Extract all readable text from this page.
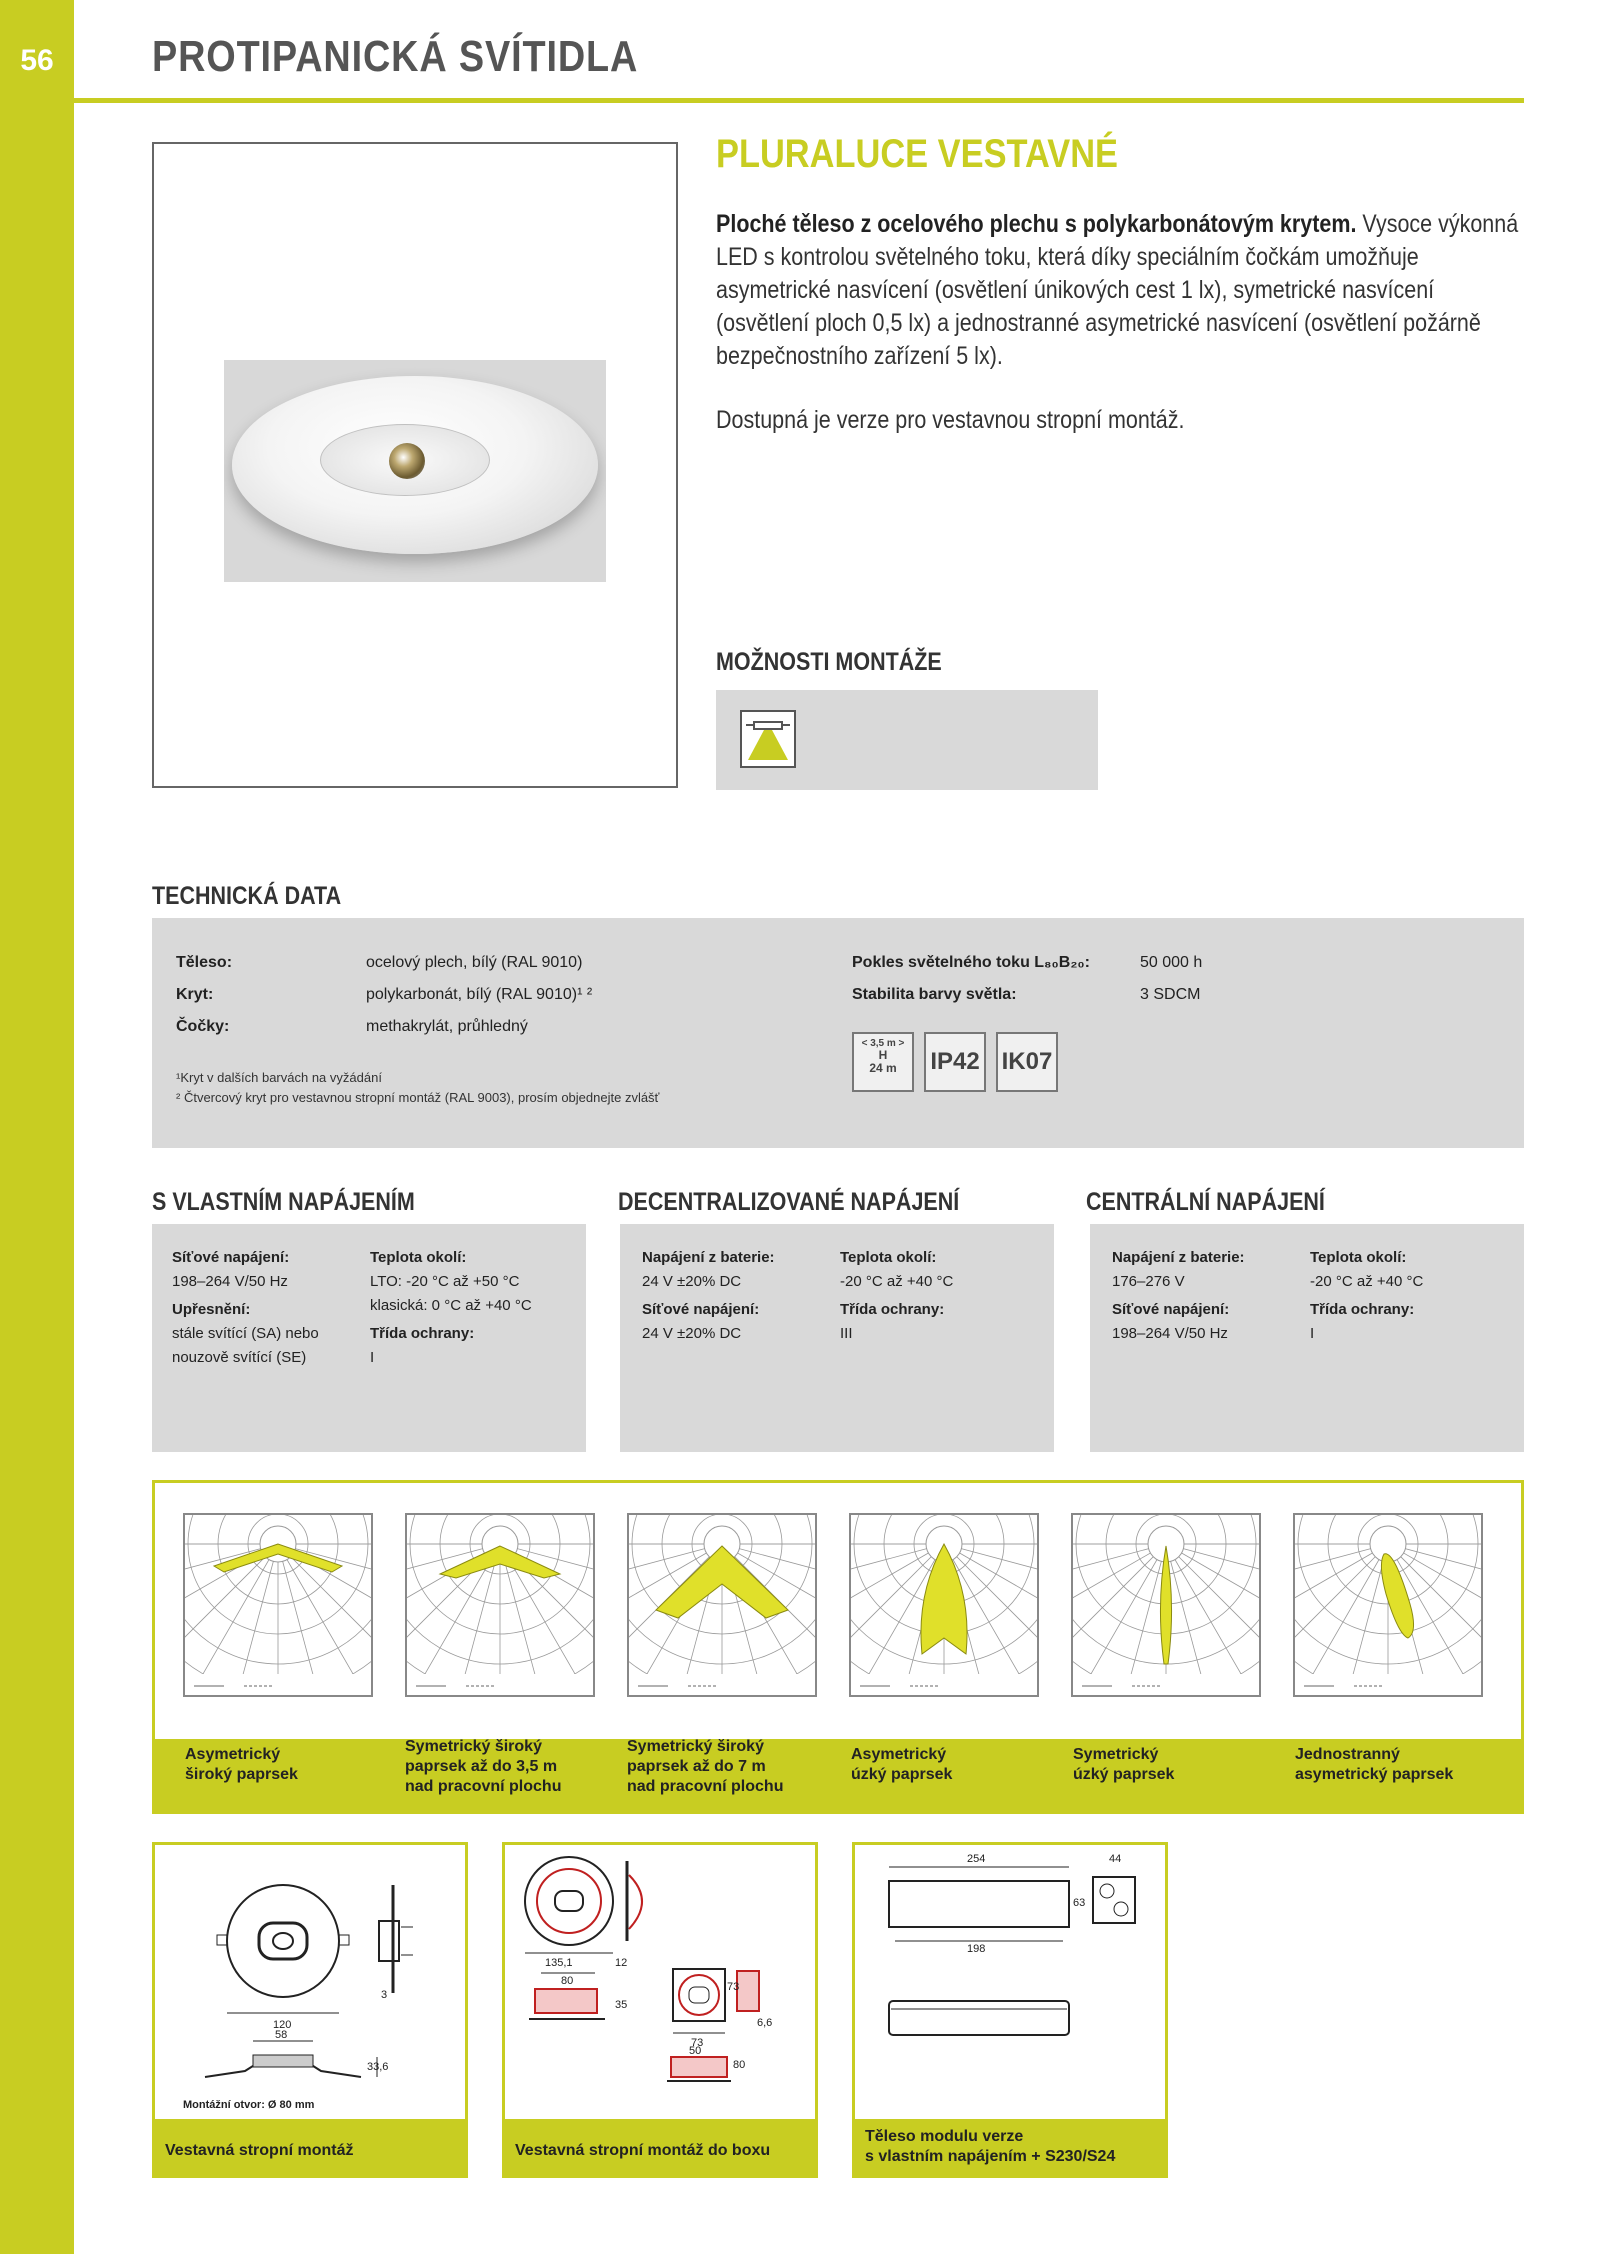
56	PROTIPANICKÁ SVÍTIDLA
PLURALUCE VESTAVNÉ
Ploché těleso z ocelového plechu s polykarbonátovým krytem. Vysoce výkonná LED s kontrolou světelného toku, která díky speciálním čočkám umožňuje asymetrické nasvícení (osvětlení únikových cest 1 lx), symetrické nasvícení (osvětlení ploch 0,5 lx) a jednostranné asymetrické nasvícení (osvětlení požárně bezpečnostního zařízení 5 lx).
Dostupná je verze pro vestavnou stropní montáž.
MOŽNOSTI MONTÁŽE
TECHNICKÁ DATA
Těleso:	ocelový plech, bílý (RAL 9010)
Kryt:	polykarbonát, bílý (RAL 9010)¹ ²
Čočky:	methakrylát, průhledný
Pokles světelného toku L₈₀B₂₀:	50 000 h
Stabilita barvy světla:	3 SDCM
¹Kryt v dalších barvách na vyžádání
² Čtvercový kryt pro vestavnou stropní montáž (RAL 9003), prosím objednejte zvlášť
< 3,5 m >
H
24 m	IP42 IK07
S VLASTNÍM NAPÁJENÍM	DECENTRALIZOVANÉ NAPÁJENÍ	CENTRÁLNÍ NAPÁJENÍ
Síťové napájení:
198–264 V/50 Hz
Upřesnění:
stále svítící (SA) nebo
nouzově svítící (SE)
Teplota okolí:
LTO: -20 °C až +50 °C
klasická: 0 °C až +40 °C
Třída ochrany:
I
Napájení z baterie:
24 V ±20% DC
Síťové napájení:
24 V ±20% DC
Teplota okolí:
-20 °C až +40 °C
Třída ochrany:
III
Napájení z baterie:
176–276 V
Síťové napájení:
198–264 V/50 Hz
Teplota okolí:
-20 °C až +40 °C
Třída ochrany:
I
Asymetrický
široký paprsek
Symetrický široký
paprsek až do 3,5 m
nad pracovní plochu
Symetrický široký
paprsek až do 7 m
nad pracovní plochu
Asymetrický
úzký paprsek
Symetrický
úzký paprsek
Jednostranný
asymetrický paprsek
120
3
58
33,6
Montážní otvor: Ø 80 mm
Vestavná stropní montáž
135,1	12
80	73
73
6,6
35
50
80
Vestavná stropní montáž do boxu
254	44
198
63
Těleso modulu verze
s vlastním napájením + S230/S24
